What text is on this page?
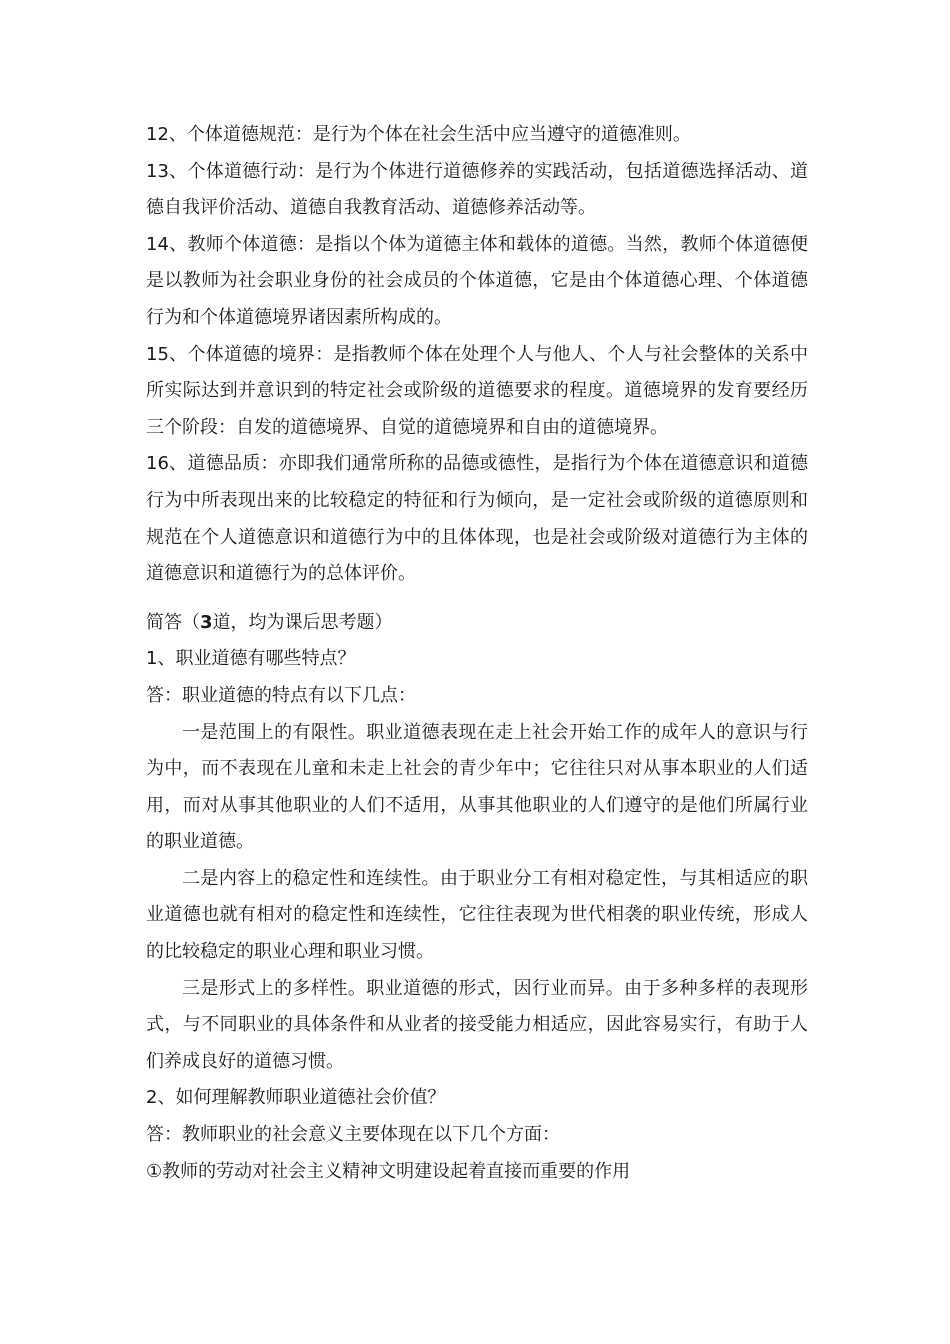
12、个体道德规范：是行为个体在社会生活中应当遵守的道德准则。

13、个体道德行动：是行为个体进行道德修养的实践活动，包括道德选择活动、道德自我评价活动、道德自我教育活动、道德修养活动等。

14、教师个体道德：是指以个体为道德主体和载体的道德。当然，教师个体道德便是以教师为社会职业身份的社会成员的个体道德，它是由个体道德心理、个体道德行为和个体道德境界诸因素所构成的。

15、个体道德的境界：是指教师个体在处理个人与他人、个人与社会整体的关系中所实际达到并意识到的特定社会或阶级的道德要求的程度。道德境界的发育要经历三个阶段：自发的道德境界、自觉的道德境界和自由的道德境界。

16、道德品质：亦即我们通常所称的品德或德性，是指行为个体在道德意识和道德行为中所表现出来的比较稳定的特征和行为倾向，是一定社会或阶级的道德原则和规范在个人道德意识和道德行为中的且体体现，也是社会或阶级对道德行为主体的道德意识和道德行为的总体评价。

简答（3道，均为课后思考题）

1、职业道德有哪些特点？

答：职业道德的特点有以下几点：

一是范围上的有限性。职业道德表现在走上社会开始工作的成年人的意识与行为中，而不表现在儿童和未走上社会的青少年中；它往往只对从事本职业的人们适用，而对从事其他职业的人们不适用，从事其他职业的人们遵守的是他们所属行业的职业道德。

二是内容上的稳定性和连续性。由于职业分工有相对稳定性，与其相适应的职业道德也就有相对的稳定性和连续性，它往往表现为世代相袭的职业传统，形成人的比较稳定的职业心理和职业习惯。

三是形式上的多样性。职业道德的形式，因行业而异。由于多种多样的表现形式，与不同职业的具体条件和从业者的接受能力相适应，因此容易实行，有助于人们养成良好的道德习惯。

2、如何理解教师职业道德社会价值？

答：教师职业的社会意义主要体现在以下几个方面：

①教师的劳动对社会主义精神文明建设起着直接而重要的作用
